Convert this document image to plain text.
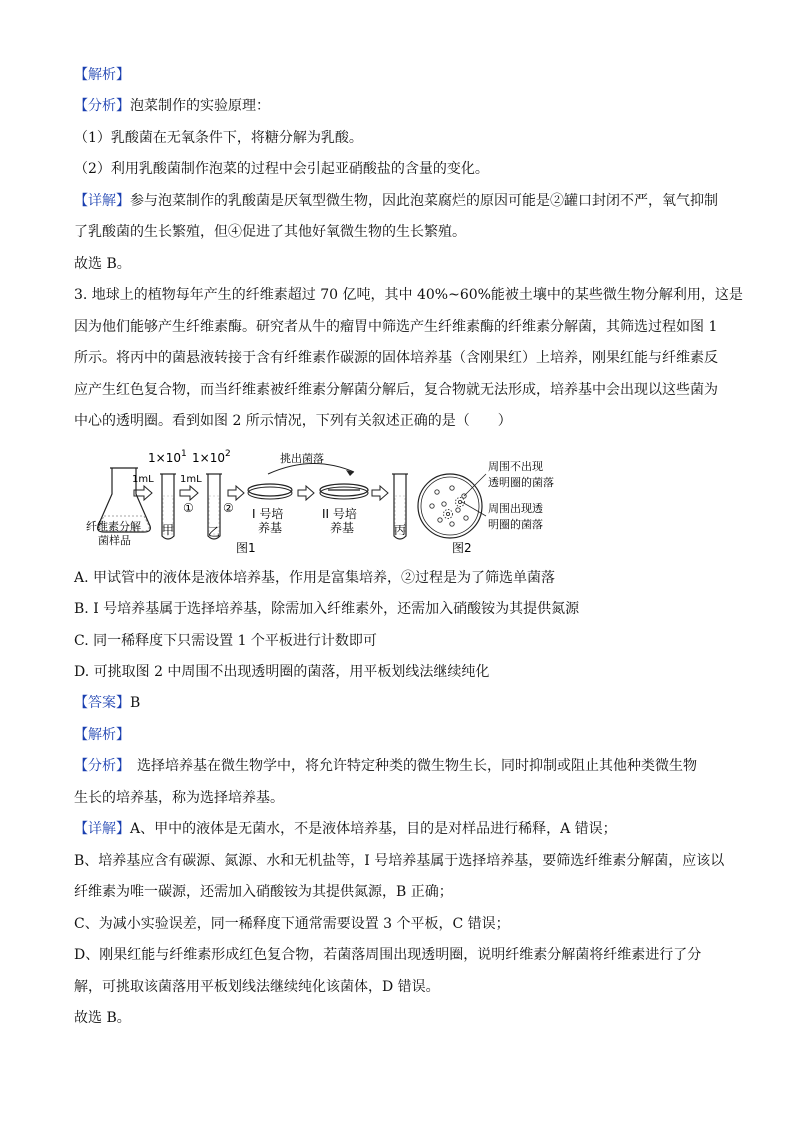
【解析】
【分析】泡菜制作的实验原理：
（1）乳酸菌在无氧条件下，将糖分解为乳酸。
（2）利用乳酸菌制作泡菜的过程中会引起亚硝酸盐的含量的变化。
【详解】参与泡菜制作的乳酸菌是厌氧型微生物，因此泡菜腐烂的原因可能是②罐口封闭不严，氧气抑制
了乳酸菌的生长繁殖，但④促进了其他好氧微生物的生长繁殖。
故选 B。
3. 地球上的植物每年产生的纤维素超过 70 亿吨，其中 40%~60%能被土壤中的某些微生物分解利用，这是
因为他们能够产生纤维素酶。研究者从牛的瘤胃中筛选产生纤维素酶的纤维素分解菌，其筛选过程如图 1
所示。将丙中的菌悬液转接于含有纤维素作碳源的固体培养基（含刚果红）上培养，刚果红能与纤维素反
应产生红色复合物，而当纤维素被纤维素分解菌分解后，复合物就无法形成，培养基中会出现以这些菌为
中心的透明圈。看到如图 2 所示情况，下列有关叙述正确的是（　　）
1mL
$1\times 10^1$
1mL
①
$1\times 10^2$
②
挑出菌落
周围不出现
透明圈的菌落
周围出现透
明圈的菌落
纤维素分解
菌样品
甲	乙
I 号培
养基
II 号培
养基	丙
图1	图2
A. 甲试管中的液体是液体培养基，作用是富集培养，②过程是为了筛选单菌落
B. I 号培养基属于选择培养基，除需加入纤维素外，还需加入硝酸铵为其提供氮源
C. 同一稀释度下只需设置 1 个平板进行计数即可
D. 可挑取图 2 中周围不出现透明圈的菌落，用平板划线法继续纯化
【答案】B
【解析】
【分析】　选择培养基在微生物学中，将允许特定种类的微生物生长，同时抑制或阻止其他种类微生物
生长的培养基，称为选择培养基。
【详解】A、甲中的液体是无菌水，不是液体培养基，目的是对样品进行稀释，A 错误；
B、培养基应含有碳源、氮源、水和无机盐等，I 号培养基属于选择培养基，要筛选纤维素分解菌，应该以
纤维素为唯一碳源，还需加入硝酸铵为其提供氮源，B 正确；
C、为减小实验误差，同一稀释度下通常需要设置 3 个平板，C 错误；
D、刚果红能与纤维素形成红色复合物，若菌落周围出现透明圈，说明纤维素分解菌将纤维素进行了分
解，可挑取该菌落用平板划线法继续纯化该菌体，D 错误。
故选 B。
